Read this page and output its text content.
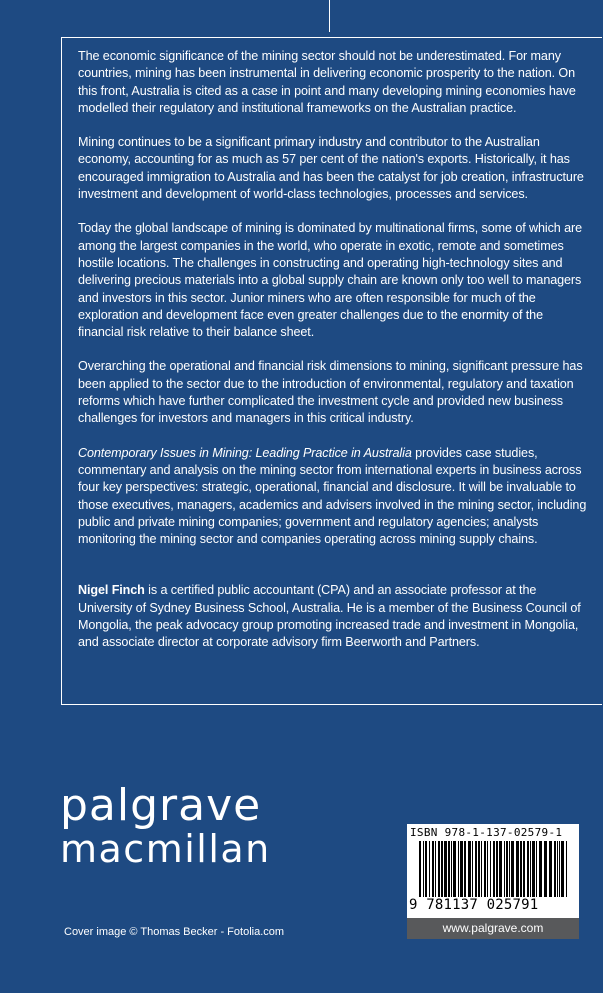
The economic significance of the mining sector should not be underestimated. For many countries, mining has been instrumental in delivering economic prosperity to the nation. On this front, Australia is cited as a case in point and many developing mining economies have modelled their regulatory and institutional frameworks on the Australian practice.

Mining continues to be a significant primary industry and contributor to the Australian economy, accounting for as much as 57 per cent of the nation's exports. Historically, it has encouraged immigration to Australia and has been the catalyst for job creation, infrastructure investment and development of world-class technologies, processes and services.

Today the global landscape of mining is dominated by multinational firms, some of which are among the largest companies in the world, who operate in exotic, remote and sometimes hostile locations. The challenges in constructing and operating high-technology sites and delivering precious materials into a global supply chain are known only too well to managers and investors in this sector. Junior miners who are often responsible for much of the exploration and development face even greater challenges due to the enormity of the financial risk relative to their balance sheet.

Overarching the operational and financial risk dimensions to mining, significant pressure has been applied to the sector due to the introduction of environmental, regulatory and taxation reforms which have further complicated the investment cycle and provided new business challenges for investors and managers in this critical industry.

Contemporary Issues in Mining: Leading Practice in Australia provides case studies, commentary and analysis on the mining sector from international experts in business across four key perspectives: strategic, operational, financial and disclosure. It will be invaluable to those executives, managers, academics and advisers involved in the mining sector, including public and private mining companies; government and regulatory agencies; analysts monitoring the mining sector and companies operating across mining supply chains.

Nigel Finch is a certified public accountant (CPA) and an associate professor at the University of Sydney Business School, Australia. He is a member of the Business Council of Mongolia, the peak advocacy group promoting increased trade and investment in Mongolia, and associate director at corporate advisory firm Beerworth and Partners.

palgrave
macmillan
Cover image © Thomas Becker - Fotolia.com
ISBN 978-1-137-02579-1
9 781137 025791
www.palgrave.com
